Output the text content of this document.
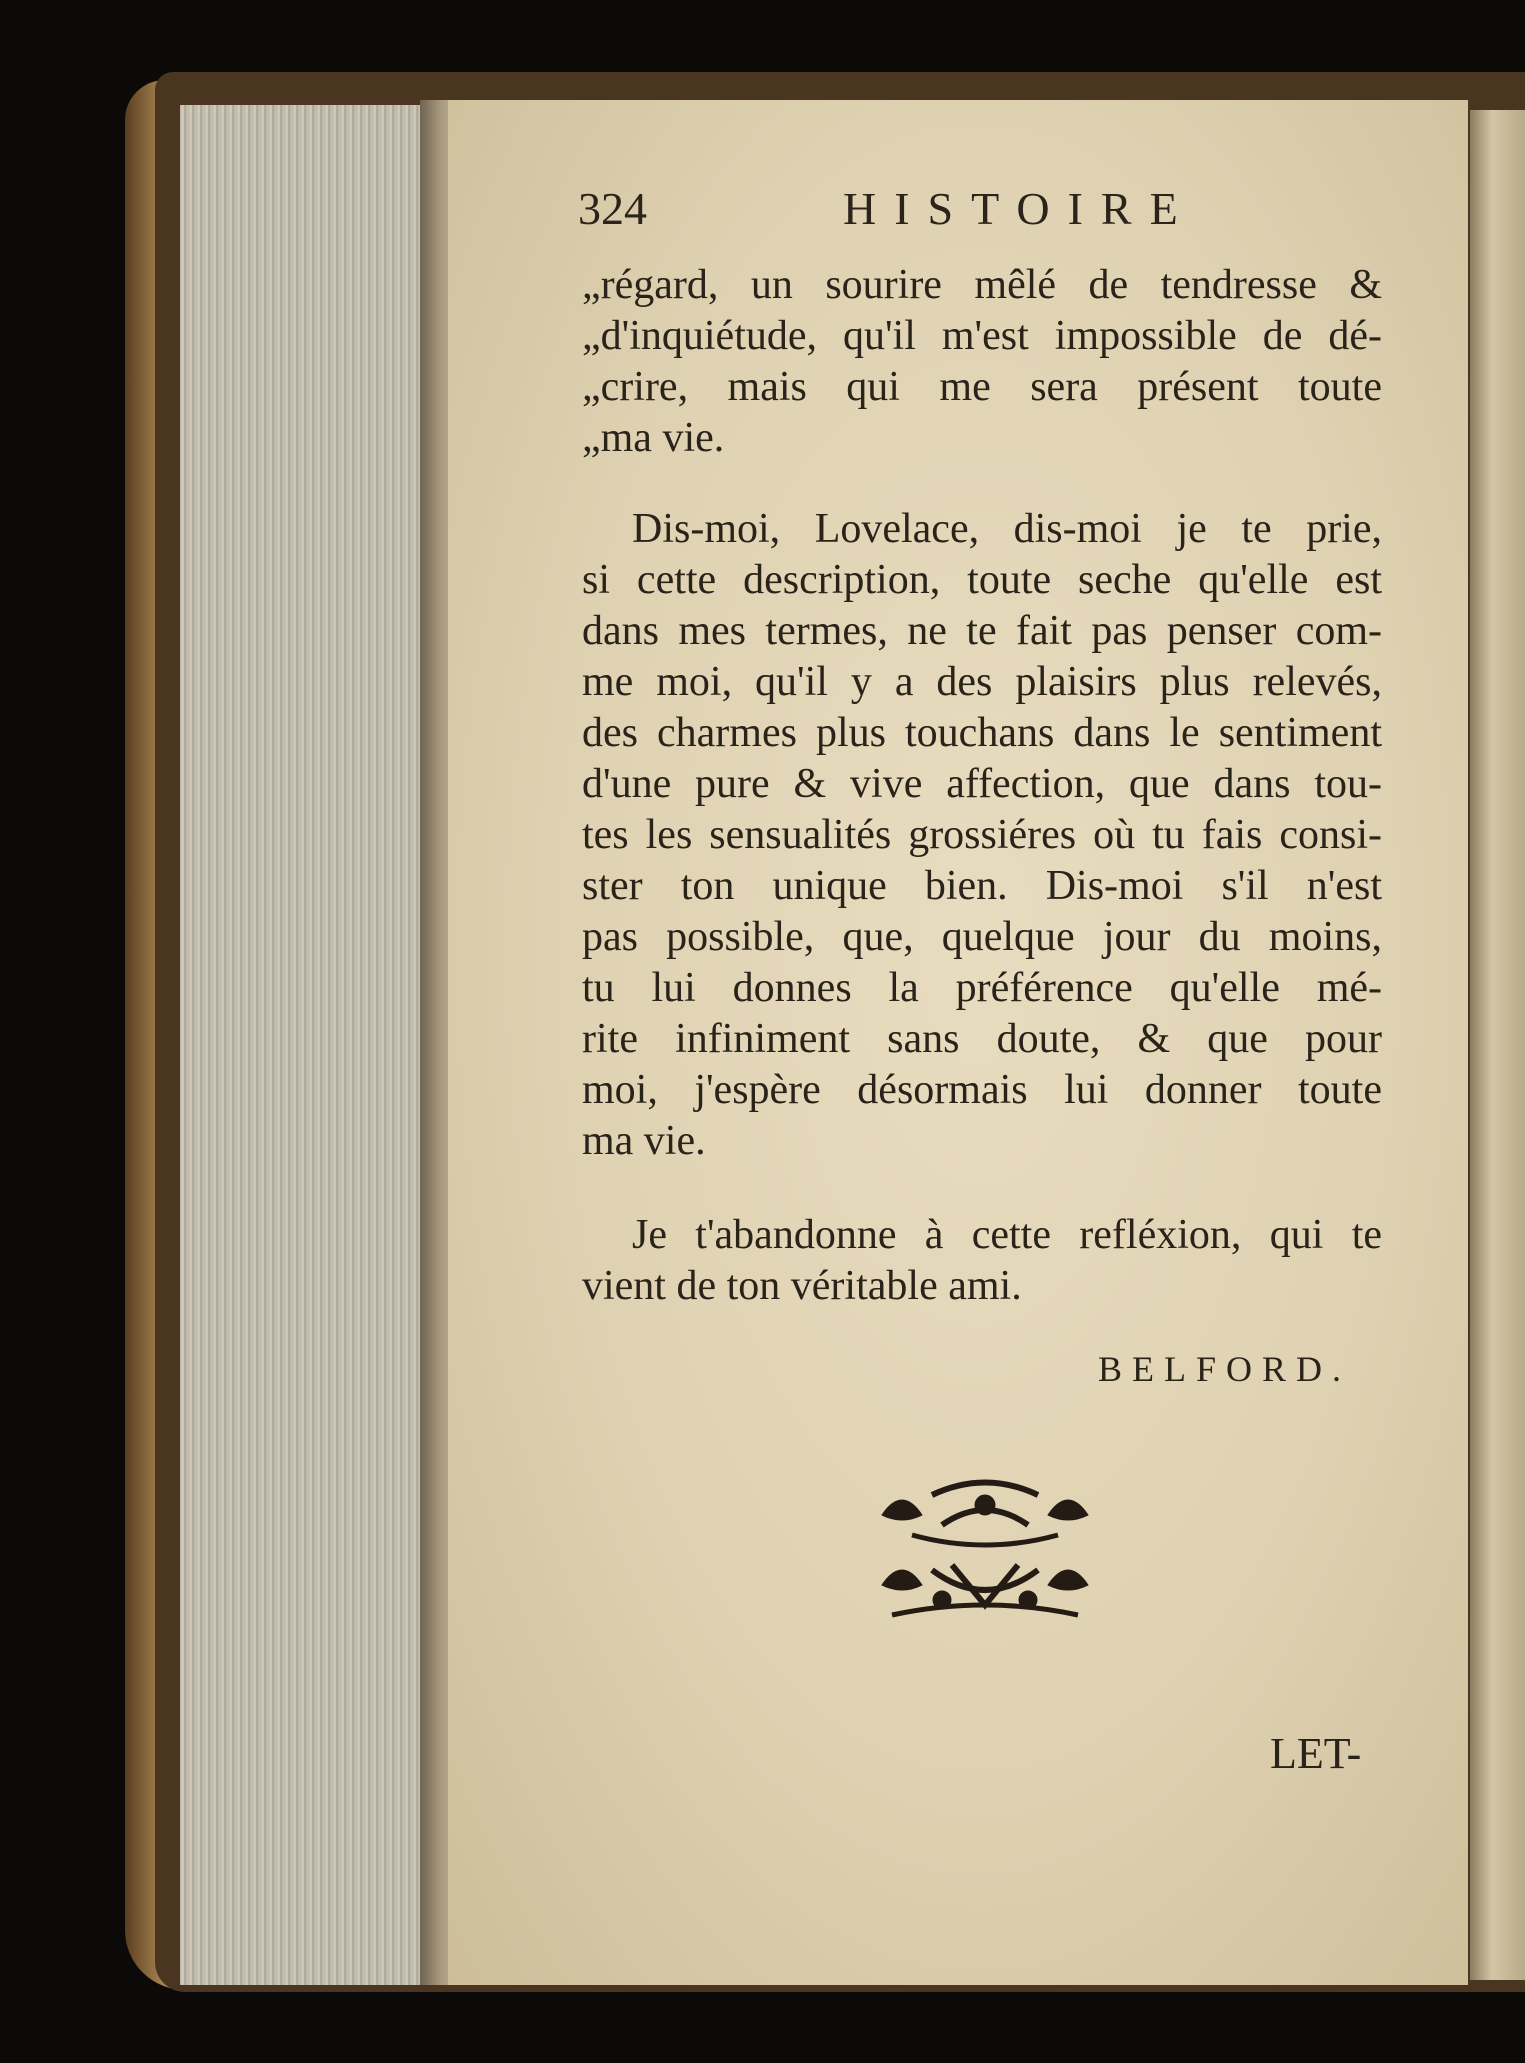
324	HISTOIRE
„régard, un sourire mêlé de tendresse &
„d'inquiétude, qu'il m'est impossible de dé-
„crire, mais qui me sera présent toute
„ma vie.
Dis-moi, Lovelace, dis-moi je te prie,
si cette description, toute seche qu'elle est
dans mes termes, ne te fait pas penser com-
me moi, qu'il y a des plaisirs plus relevés,
des charmes plus touchans dans le sentiment
d'une pure & vive affection, que dans tou-
tes les sensualités grossiéres où tu fais consi-
ster ton unique bien. Dis-moi s'il n'est
pas possible, que, quelque jour du moins,
tu lui donnes la préférence qu'elle mé-
rite infiniment sans doute, & que pour
moi, j'espère désormais lui donner toute
ma vie.
Je t'abandonne à cette refléxion, qui te
vient de ton véritable ami.
BELFORD.
LET-
